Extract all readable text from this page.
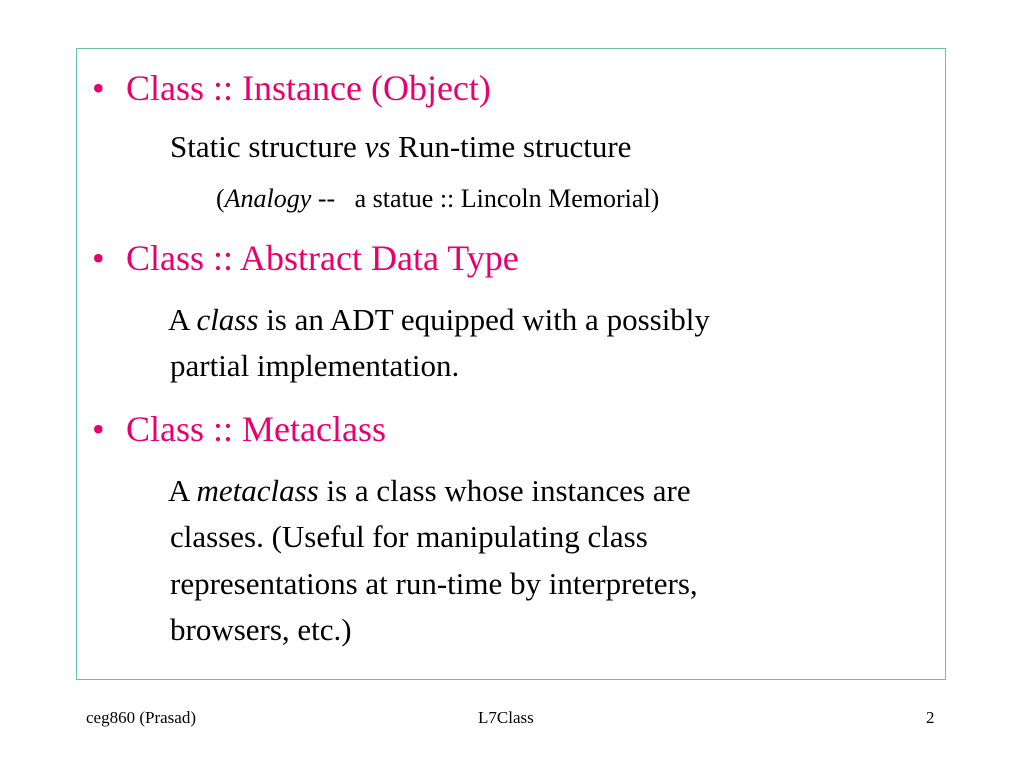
• Class :: Instance (Object)
Static structure vs Run-time structure
(Analogy --   a statue :: Lincoln Memorial)
• Class :: Abstract Data Type
A class is an ADT equipped with a possibly
partial implementation.
• Class :: Metaclass
A metaclass is a class whose instances are
classes. (Useful for manipulating class
representations at run-time by interpreters,
browsers, etc.)
ceg860 (Prasad)	L7Class	2
